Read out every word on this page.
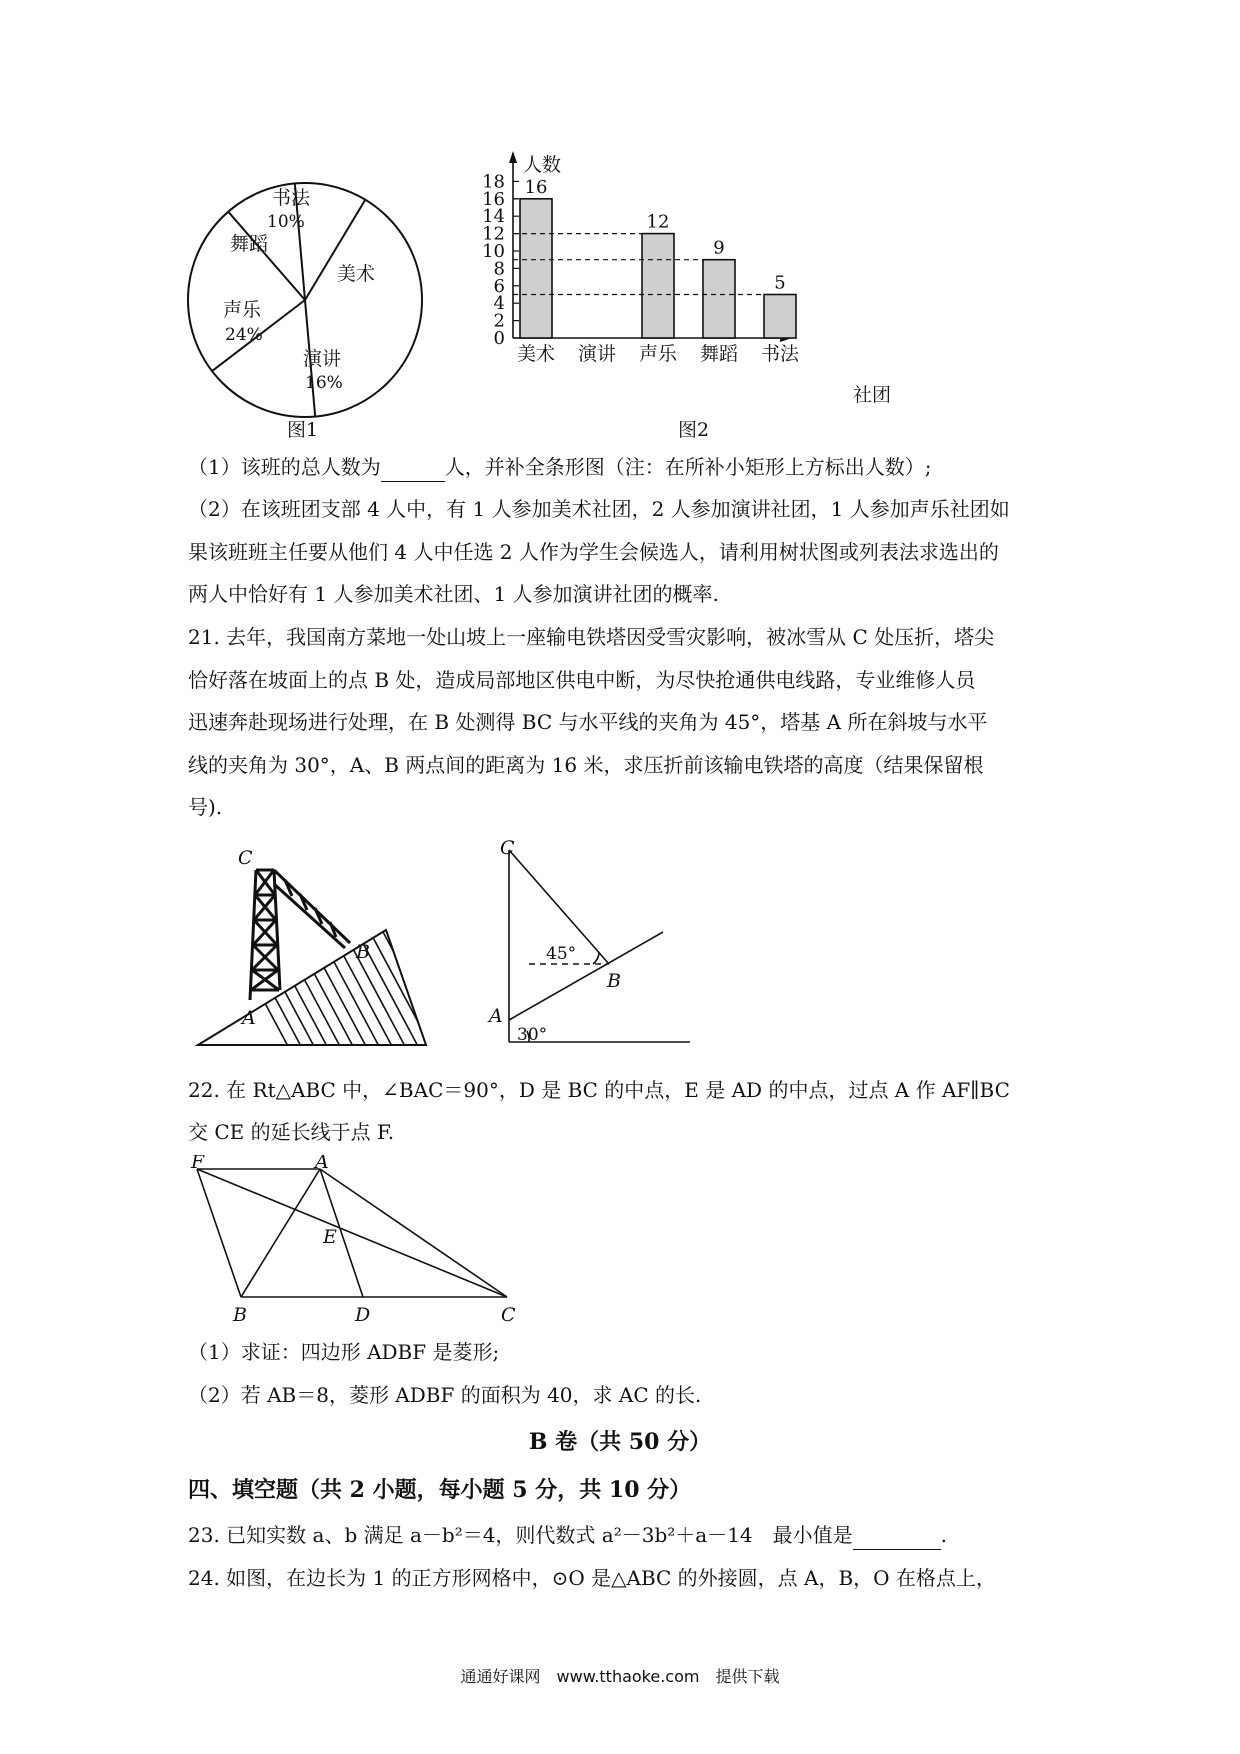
书法
10%
美术
演讲
16%
声乐
24%
舞蹈
图1
人数
社团
0
2
4
6
8
10
12
14
16
18
美术
16
演讲 声乐
12
舞蹈
9
书法
5
图2
（1）该班的总人数为	人，并补全条形图（注：在所补小矩形上方标出人数）;
（2）在该班团支部 4 人中，有 1 人参加美术社团，2 人参加演讲社团，1 人参加声乐社团如
果该班班主任要从他们 4 人中任选 2 人作为学生会候选人，请利用树状图或列表法求选出的
两人中恰好有 1 人参加美术社团、1 人参加演讲社团的概率.
21. 去年，我国南方菜地一处山坡上一座输电铁塔因受雪灾影响，被冰雪从 C 处压折，塔尖
恰好落在坡面上的点 B 处，造成局部地区供电中断，为尽快抢通供电线路，专业维修人员
迅速奔赴现场进行处理，在 B 处测得 BC 与水平线的夹角为 45°，塔基 A 所在斜坡与水平
线的夹角为 30°，A、B 两点间的距离为 16 米，求压折前该输电铁塔的高度（结果保留根
号).
C
A
B
C
A
B
45°
30°
22. 在 Rt△ABC 中，∠BAC＝90°，D 是 BC 的中点，E 是 AD 的中点，过点 A 作 AF∥BC
交 CE 的延长线于点 F.
F	A
E
B	D	C
（1）求证：四边形 ADBF 是菱形;
（2）若 AB＝8，菱形 ADBF 的面积为 40，求 AC 的长.
B 卷（共 50 分）
四、填空题（共 2 小题，每小题 5 分，共 10 分）
23. 已知实数 a、b 满足 a－b²＝4，则代数式 a²－3b²＋a－14　最小值是	.
24. 如图，在边长为 1 的正方形网格中，⊙O 是△ABC 的外接圆，点 A，B，O 在格点上，
通通好课网　www.tthaoke.com　提供下载
